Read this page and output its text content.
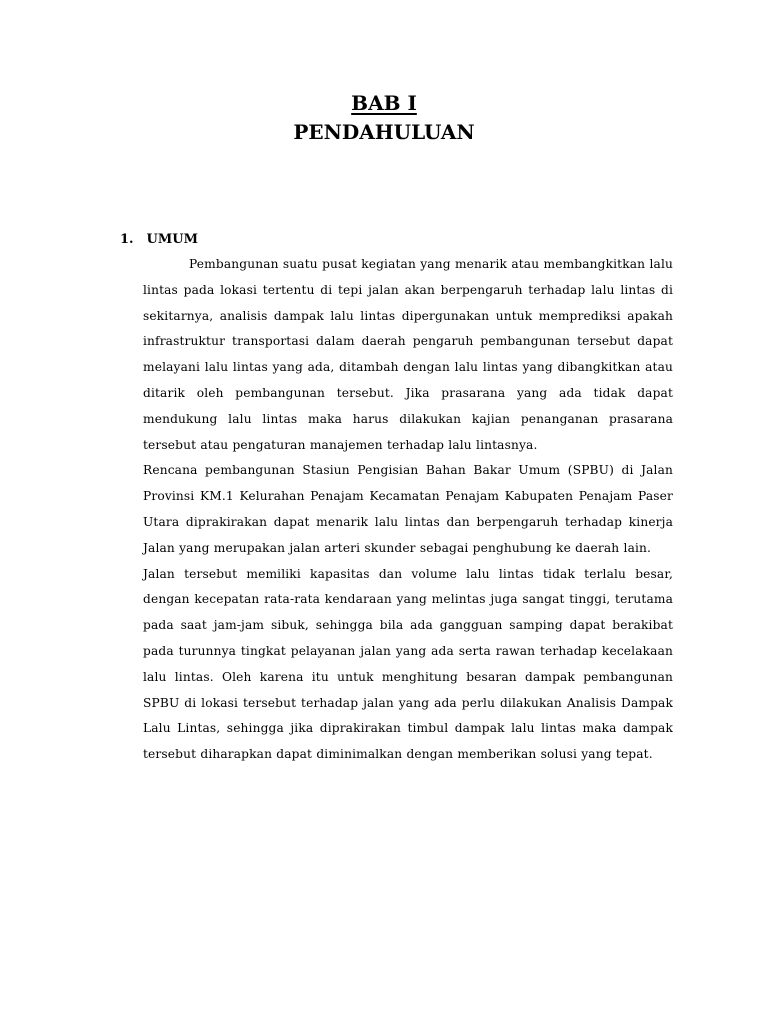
BAB I
PENDAHULUAN
1. UMUM

Pembangunan suatu pusat kegiatan yang menarik atau membangkitkan lalu lintas pada lokasi tertentu di tepi jalan akan berpengaruh terhadap lalu lintas di sekitarnya, analisis dampak lalu lintas dipergunakan untuk memprediksi apakah infrastruktur transportasi dalam daerah pengaruh pembangunan tersebut dapat melayani lalu lintas yang ada, ditambah dengan lalu lintas yang dibangkitkan atau ditarik oleh pembangunan tersebut. Jika prasarana yang ada tidak dapat mendukung lalu lintas maka harus dilakukan kajian penanganan prasarana tersebut atau pengaturan manajemen terhadap lalu lintasnya.

Rencana pembangunan Stasiun Pengisian Bahan Bakar Umum (SPBU) di Jalan Provinsi KM.1 Kelurahan Penajam Kecamatan Penajam Kabupaten Penajam Paser Utara diprakirakan dapat menarik lalu lintas dan berpengaruh terhadap kinerja Jalan yang merupakan jalan arteri skunder sebagai penghubung ke daerah lain.

Jalan tersebut memiliki kapasitas dan volume lalu lintas tidak terlalu besar, dengan kecepatan rata-rata kendaraan yang melintas juga sangat tinggi, terutama pada saat jam-jam sibuk, sehingga bila ada gangguan samping dapat berakibat pada turunnya tingkat pelayanan jalan yang ada serta rawan terhadap kecelakaan lalu lintas. Oleh karena itu untuk menghitung besaran dampak pembangunan SPBU di lokasi tersebut terhadap jalan yang ada perlu dilakukan Analisis Dampak Lalu Lintas, sehingga jika diprakirakan timbul dampak lalu lintas maka dampak tersebut diharapkan dapat diminimalkan dengan memberikan solusi yang tepat.
